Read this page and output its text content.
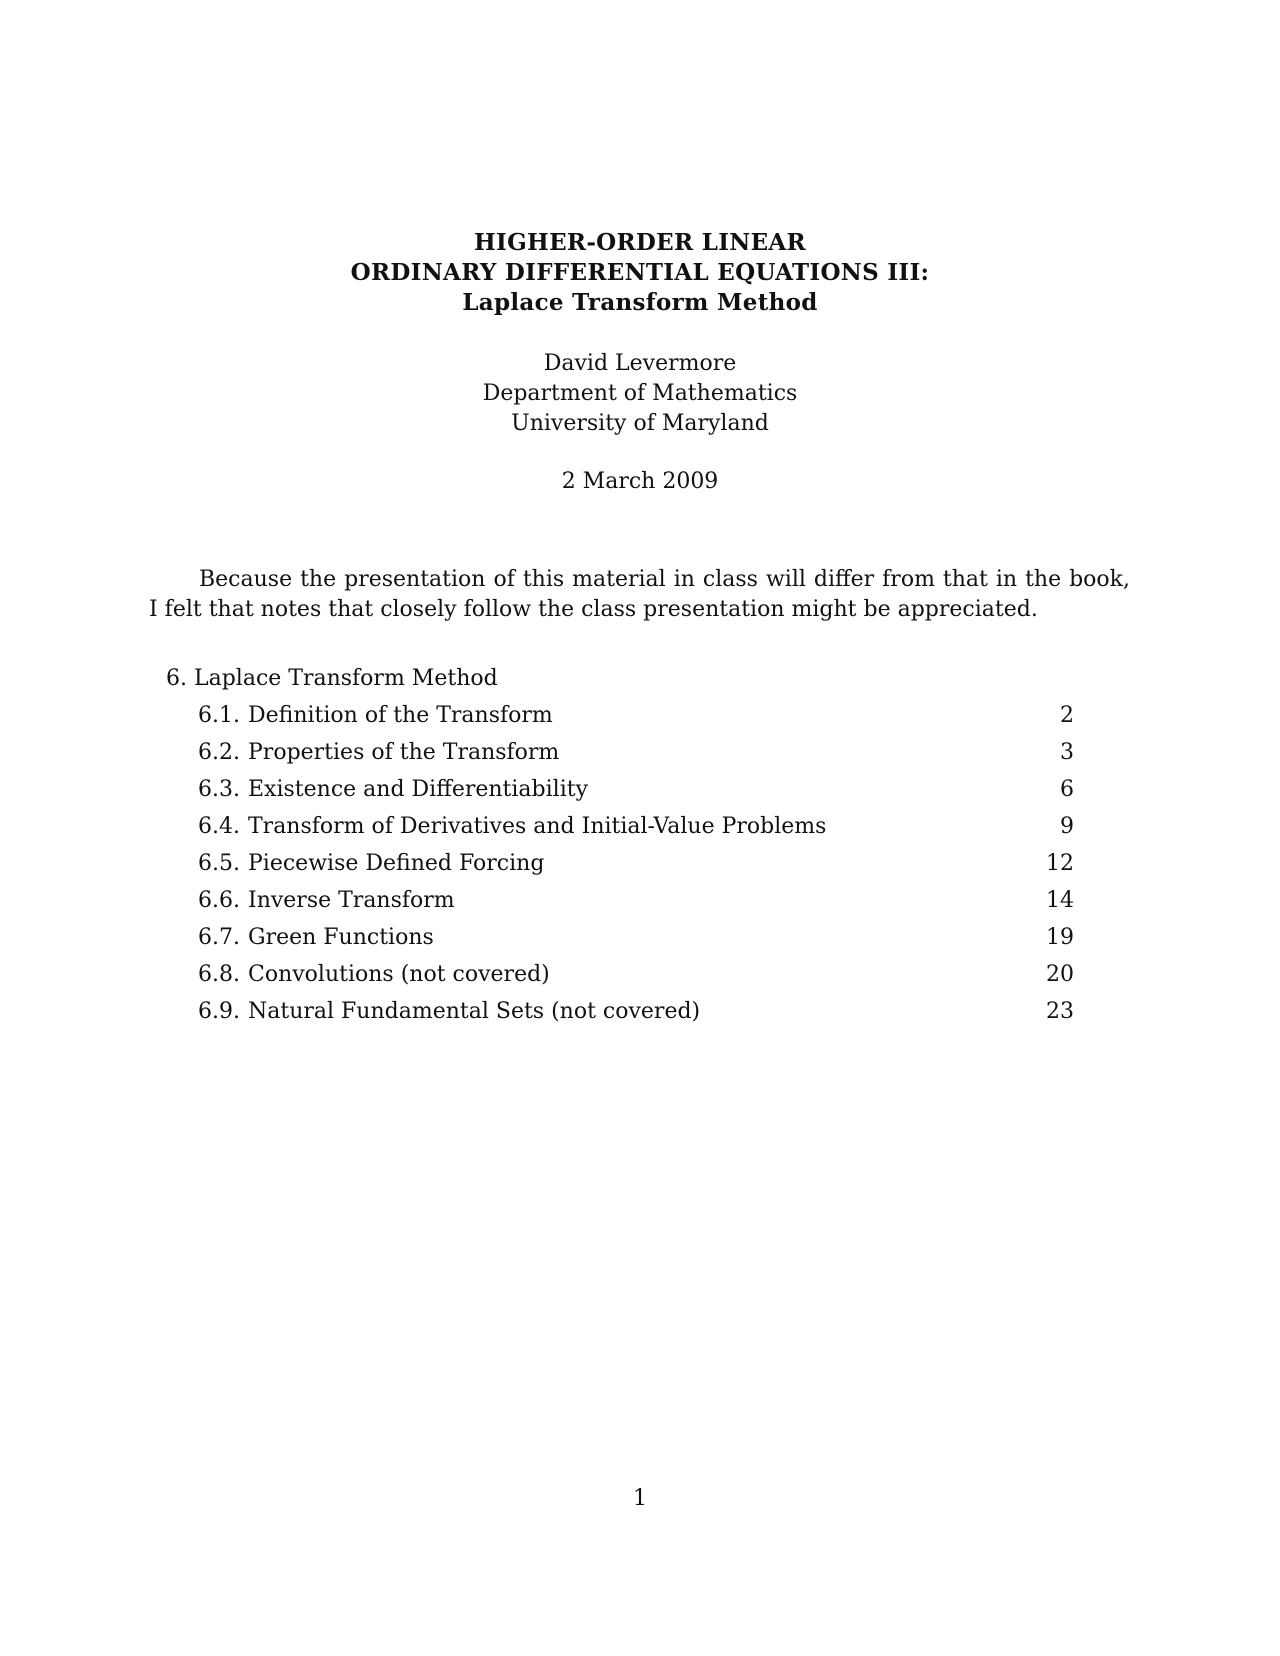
HIGHER-ORDER LINEAR
ORDINARY DIFFERENTIAL EQUATIONS III:
Laplace Transform Method
David Levermore
Department of Mathematics
University of Maryland
2 March 2009

Because the presentation of this material in class will differ from that in the book, I felt that notes that closely follow the class presentation might be appreciated.

6. Laplace Transform Method
6.1. Definition of the Transform	2
6.2. Properties of the Transform	3
6.3. Existence and Differentiability	6
6.4. Transform of Derivatives and Initial-Value Problems	9
6.5. Piecewise Defined Forcing	12
6.6. Inverse Transform	14
6.7. Green Functions	19
6.8. Convolutions (not covered)	20
6.9. Natural Fundamental Sets (not covered)	23
1
